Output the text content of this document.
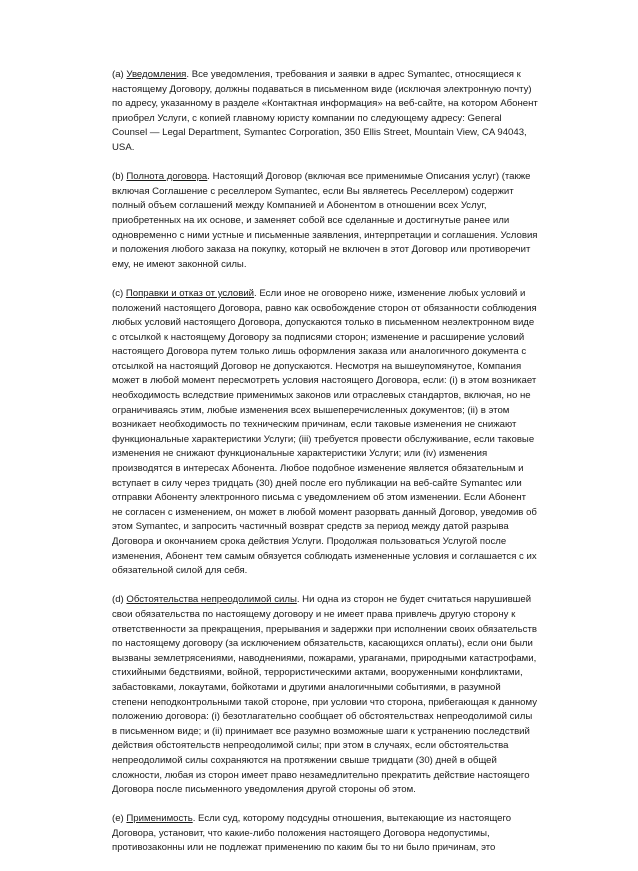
(a) Уведомления. Все уведомления, требования и заявки в адрес Symantec, относящиеся к настоящему Договору, должны подаваться в письменном виде (исключая электронную почту) по адресу, указанному в разделе «Контактная информация» на веб-сайте, на котором Абонент приобрел Услуги, с копией главному юристу компании по следующему адресу: General Counsel — Legal Department, Symantec Corporation, 350 Ellis Street, Mountain View, CA 94043, USA.

(b) Полнота договора. Настоящий Договор (включая все применимые Описания услуг) (также включая Соглашение с реселлером Symantec, если Вы являетесь Реселлером) содержит полный объем соглашений между Компанией и Абонентом в отношении всех Услуг, приобретенных на их основе, и заменяет собой все сделанные и достигнутые ранее или одновременно с ними устные и письменные заявления, интерпретации и соглашения. Условия и положения любого заказа на покупку, который не включен в этот Договор или противоречит ему, не имеют законной силы.

(c) Поправки и отказ от условий. Если иное не оговорено ниже, изменение любых условий и положений настоящего Договора, равно как освобождение сторон от обязанности соблюдения любых условий настоящего Договора, допускаются только в письменном неэлектронном виде с отсылкой к настоящему Договору за подписями сторон; изменение и расширение условий настоящего Договора путем только лишь оформления заказа или аналогичного документа с отсылкой на настоящий Договор не допускаются. Несмотря на вышеупомянутое, Компания может в любой момент пересмотреть условия настоящего Договора, если: (i) в этом возникает необходимость вследствие применимых законов или отраслевых стандартов, включая, но не ограничиваясь этим, любые изменения всех вышеперечисленных документов; (ii) в этом возникает необходимость по техническим причинам, если таковые изменения не снижают функциональные характеристики Услуги; (iii) требуется провести обслуживание, если таковые изменения не снижают функциональные характеристики Услуги; или (iv) изменения производятся в интересах Абонента. Любое подобное изменение является обязательным и вступает в силу через тридцать (30) дней после его публикации на веб-сайте Symantec или отправки Абоненту электронного письма с уведомлением об этом изменении. Если Абонент не согласен с изменением, он может в любой момент разорвать данный Договор, уведомив об этом Symantec, и запросить частичный возврат средств за период между датой разрыва Договора и окончанием срока действия Услуги. Продолжая пользоваться Услугой после изменения, Абонент тем самым обязуется соблюдать измененные условия и соглашается с их обязательной силой для себя.

(d) Обстоятельства непреодолимой силы. Ни одна из сторон не будет считаться нарушившей свои обязательства по настоящему договору и не имеет права привлечь другую сторону к ответственности за прекращения, прерывания и задержки при исполнении своих обязательств по настоящему договору (за исключением обязательств, касающихся оплаты), если они были вызваны землетрясениями, наводнениями, пожарами, ураганами, природными катастрофами, стихийными бедствиями, войной, террористическими актами, вооруженными конфликтами, забастовками, локаутами, бойкотами и другими аналогичными событиями, в разумной степени неподконтрольными такой стороне, при условии что сторона, прибегающая к данному положению договора: (i) безотлагательно сообщает об обстоятельствах непреодолимой силы в письменном виде; и (ii) принимает все разумно возможные шаги к устранению последствий действия обстоятельств непреодолимой силы; при этом в случаях, если обстоятельства непреодолимой силы сохраняются на протяжении свыше тридцати (30) дней в общей сложности, любая из сторон имеет право незамедлительно прекратить действие настоящего Договора после письменного уведомления другой стороны об этом.

(e) Применимость. Если суд, которому подсудны отношения, вытекающие из настоящего Договора, установит, что какие-либо положения настоящего Договора недопустимы, противозаконны или не подлежат применению по каким бы то ни было причинам, это
